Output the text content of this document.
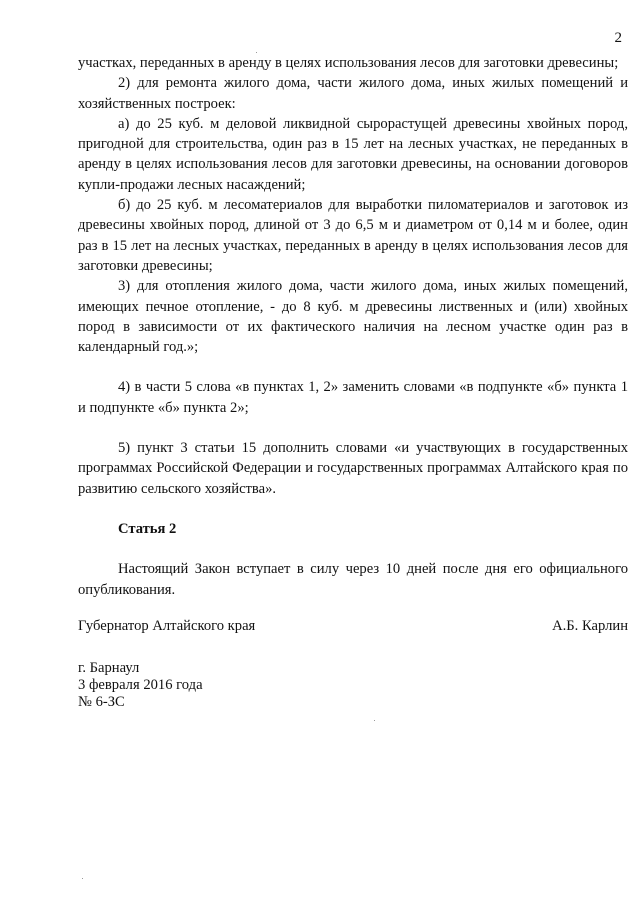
2

участках, переданных в аренду в целях использования лесов для заготовки древесины;

2) для ремонта жилого дома, части жилого дома, иных жилых помещений и хозяйственных построек:

а) до 25 куб. м деловой ликвидной сырорастущей древесины хвойных пород, пригодной для строительства, один раз в 15 лет на лесных участках, не переданных в аренду в целях использования лесов для заготовки древесины, на основании договоров купли-продажи лесных насаждений;

б) до 25 куб. м лесоматериалов для выработки пиломатериалов и заготовок из древесины хвойных пород, длиной от 3 до 6,5 м и диаметром от 0,14 м и более, один раз в 15 лет на лесных участках, переданных в аренду в целях использования лесов для заготовки древесины;

3) для отопления жилого дома, части жилого дома, иных жилых помещений, имеющих печное отопление, - до 8 куб. м древесины лиственных и (или) хвойных пород в зависимости от их фактического наличия на лесном участке один раз в календарный год.»;

4) в части 5 слова «в пунктах 1, 2» заменить словами «в подпункте «б» пункта 1 и подпункте «б» пункта 2»;

5) пункт 3 статьи 15 дополнить словами «и участвующих в государственных программах Российской Федерации и государственных программах Алтайского края по развитию сельского хозяйства».

Статья 2

Настоящий Закон вступает в силу через 10 дней после дня его официального опубликования.

Губернатор Алтайского края	А.Б. Карлин
г. Барнаул
3 февраля 2016 года
№ 6-ЗС
